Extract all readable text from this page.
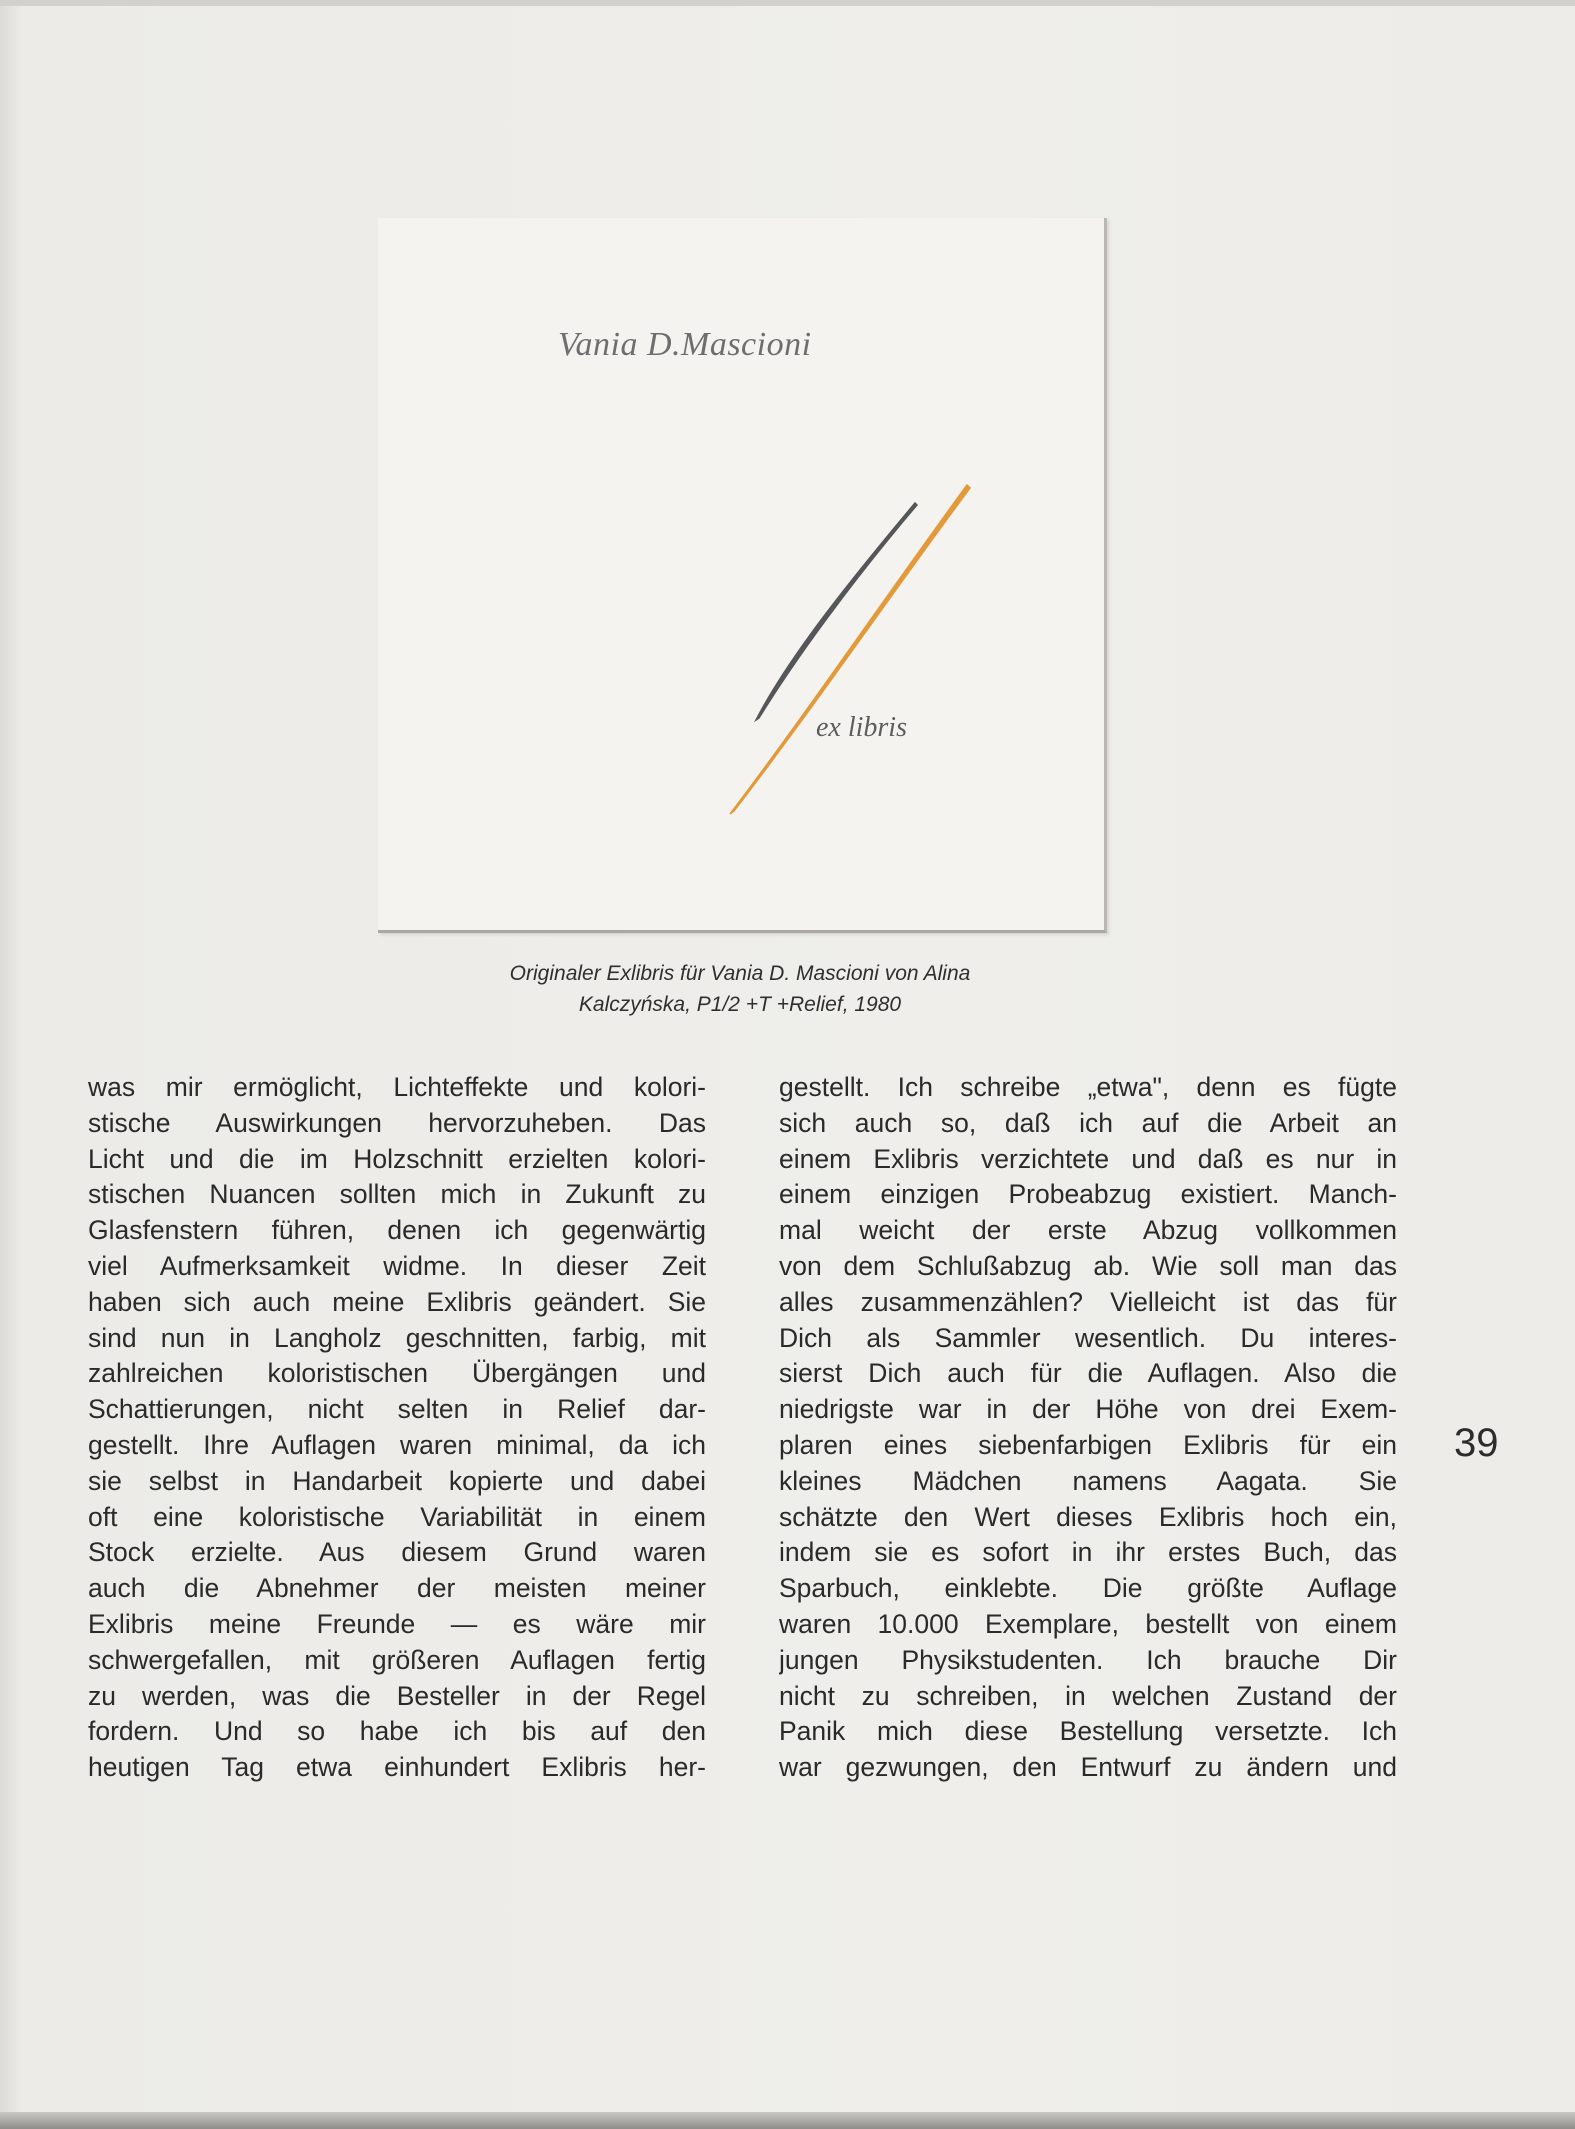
Vania D.Mascioni
ex libris
Originaler Exlibris für Vania D. Mascioni von Alina
Kalczyńska, P1/2 +T +Relief, 1980
was mir ermöglicht, Lichteffekte und kolori-
stische Auswirkungen hervorzuheben. Das
Licht und die im Holzschnitt erzielten kolori-
stischen Nuancen sollten mich in Zukunft zu
Glasfenstern führen, denen ich gegenwärtig
viel Aufmerksamkeit widme. In dieser Zeit
haben sich auch meine Exlibris geändert. Sie
sind nun in Langholz geschnitten, farbig, mit
zahlreichen koloristischen Übergängen und
Schattierungen, nicht selten in Relief dar-
gestellt. Ihre Auflagen waren minimal, da ich
sie selbst in Handarbeit kopierte und dabei
oft eine koloristische Variabilität in einem
Stock erzielte. Aus diesem Grund waren
auch die Abnehmer der meisten meiner
Exlibris meine Freunde — es wäre mir
schwergefallen, mit größeren Auflagen fertig
zu werden, was die Besteller in der Regel
fordern. Und so habe ich bis auf den
heutigen Tag etwa einhundert Exlibris her-
gestellt. Ich schreibe „etwa", denn es fügte
sich auch so, daß ich auf die Arbeit an
einem Exlibris verzichtete und daß es nur in
einem einzigen Probeabzug existiert. Manch-
mal weicht der erste Abzug vollkommen
von dem Schlußabzug ab. Wie soll man das
alles zusammenzählen? Vielleicht ist das für
Dich als Sammler wesentlich. Du interes-
sierst Dich auch für die Auflagen. Also die
niedrigste war in der Höhe von drei Exem-
plaren eines siebenfarbigen Exlibris für ein
kleines Mädchen namens Aagata. Sie
schätzte den Wert dieses Exlibris hoch ein,
indem sie es sofort in ihr erstes Buch, das
Sparbuch, einklebte. Die größte Auflage
waren 10.000 Exemplare, bestellt von einem
jungen Physikstudenten. Ich brauche Dir
nicht zu schreiben, in welchen Zustand der
Panik mich diese Bestellung versetzte. Ich
war gezwungen, den Entwurf zu ändern und
39
